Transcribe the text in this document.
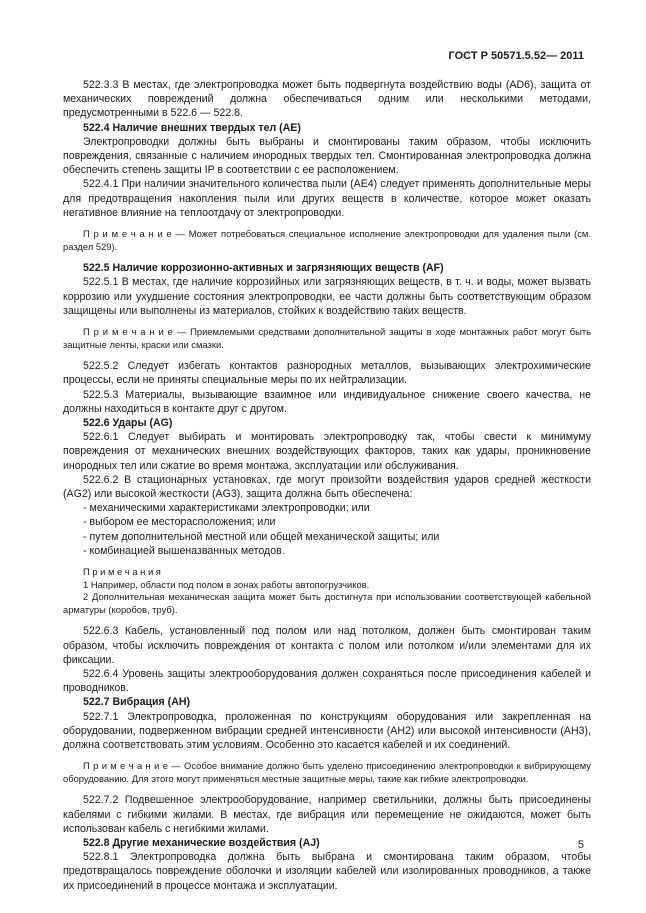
ГОСТ Р 50571.5.52— 2011

522.3.3 В местах, где электропроводка может быть подвергнута воздействию воды (AD6), защита от механических повреждений должна обеспечиваться одним или несколькими методами, предусмотренными в 522.6 — 522.8.

522.4 Наличие внешних твердых тел (AE)

Электропроводки должны быть выбраны и смонтированы таким образом, чтобы исключить повреждения, связанные с наличием инородных твердых тел. Смонтированная электропроводка должна обеспечить степень защиты IP в соответствии с ее расположением.

522.4.1 При наличии значительного количества пыли (AE4) следует применять дополнительные меры для предотвращения накопления пыли или других веществ в количестве, которое может оказать негативное влияние на теплоотдачу от электропроводки.

П р и м е ч а н и е — Может потребоваться специальное исполнение электропроводки для удаления пыли (см. раздел 529).

522.5 Наличие коррозионно-активных и загрязняющих веществ (AF)

522.5.1 В местах, где наличие коррозийных или загрязняющих веществ, в т. ч. и воды, может вызвать коррозию или ухудшение состояния электропроводки, ее части должны быть соответствующим образом защищены или выполнены из материалов, стойких к воздействию таких веществ.

П р и м е ч а н и е — Приемлемыми средствами дополнительной защиты в ходе монтажных работ могут быть защитные ленты, краски или смазки.

522.5.2 Следует избегать контактов разнородных металлов, вызывающих электрохимические процессы, если не приняты специальные меры по их нейтрализации.

522.5.3 Материалы, вызывающие взаимное или индивидуальное снижение своего качества, не должны находиться в контакте друг с другом.

522.6 Удары (AG)

522.6.1 Следует выбирать и монтировать электропроводку так, чтобы свести к минимуму повреждения от механических внешних воздействующих факторов, таких как удары, проникновение инородных тел или сжатие во время монтажа, эксплуатации или обслуживания.

522.6.2 В стационарных установках, где могут произойти воздействия ударов средней жесткости (AG2) или высокой жесткости (AG3), защита должна быть обеспечена:

- механическими характеристиками электропроводки; или

- выбором ее месторасположения; или

- путем дополнительной местной или общей механической защиты; или

- комбинацией вышеназванных методов.

П р и м е ч а н и я

1 Например, области под полом в зонах работы автопогрузчиков.

2 Дополнительная механическая защита может быть достигнута при использовании соответствующей кабельной арматуры (коробов, труб).

522.6.3 Кабель, установленный под полом или над потолком, должен быть смонтирован таким образом, чтобы исключить повреждения от контакта с полом или потолком и/или элементами для их фиксации.

522.6.4 Уровень защиты электрооборудования должен сохраняться после присоединения кабелей и проводников.

522.7 Вибрация (AH)

522.7.1 Электропроводка, проложенная по конструкциям оборудования или закрепленная на оборудовании, подверженном вибрации средней интенсивности (AH2) или высокой интенсивности (AH3), должна соответствовать этим условиям. Особенно это касается кабелей и их соединений.

П р и м е ч а н и е — Особое внимание должно быть уделено присоединению электропроводки к вибрирующему оборудованию. Для этого могут применяться местные защитные меры, такие как гибкие электропроводки.

522.7.2 Подвешенное электрооборудование, например светильники, должны быть присоединены кабелями с гибкими жилами. В местах, где вибрация или перемещение не ожидаются, может быть использован кабель с негибкими жилами.

522.8 Другие механические воздействия (AJ)

522.8.1 Электропроводка должна быть выбрана и смонтирована таким образом, чтобы предотвращалось повреждение оболочки и изоляции кабелей или изолированных проводников, а также их присоединений в процессе монтажа и эксплуатации.

5
